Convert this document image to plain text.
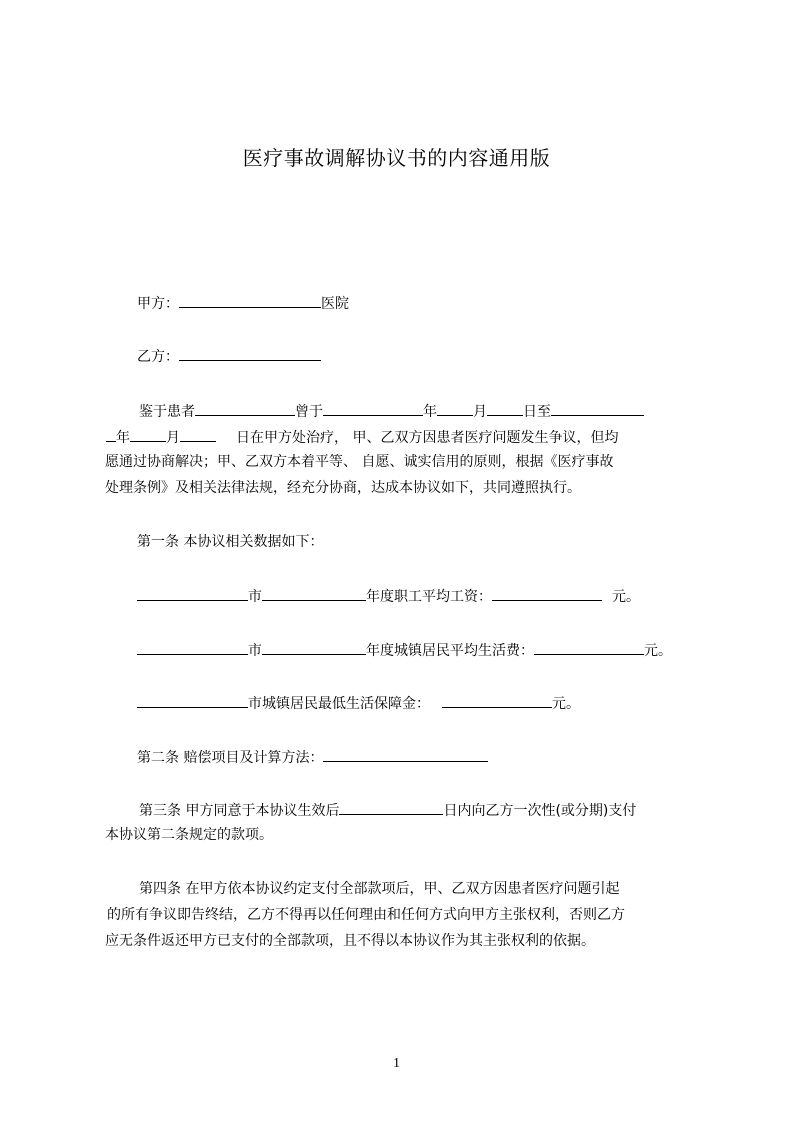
医疗事故调解协议书的内容通用版
甲方：	医院
乙方：
鉴于患者	曾于	年	月	日至
年	月	日在甲方处治疗， 甲、乙双方因患者医疗问题发生争议，但均
愿通过协商解决；甲、乙双方本着平等、 自愿、诚实信用的原则，根据《医疗事故
处理条例》及相关法律法规，经充分协商，达成本协议如下，共同遵照执行。
第一条 本协议相关数据如下：
市	年度职工平均工资：	元。
市	年度城镇居民平均生活费：	元。
市城镇居民最低生活保障金：	元。
第二条 赔偿项目及计算方法：
第三条 甲方同意于本协议生效后	日内向乙方一次性(或分期)支付
本协议第二条规定的款项。
第四条 在甲方依本协议约定支付全部款项后，甲、乙双方因患者医疗问题引起
的所有争议即告终结，乙方不得再以任何理由和任何方式向甲方主张权利，否则乙方
应无条件返还甲方已支付的全部款项，且不得以本协议作为其主张权利的依据。
1
